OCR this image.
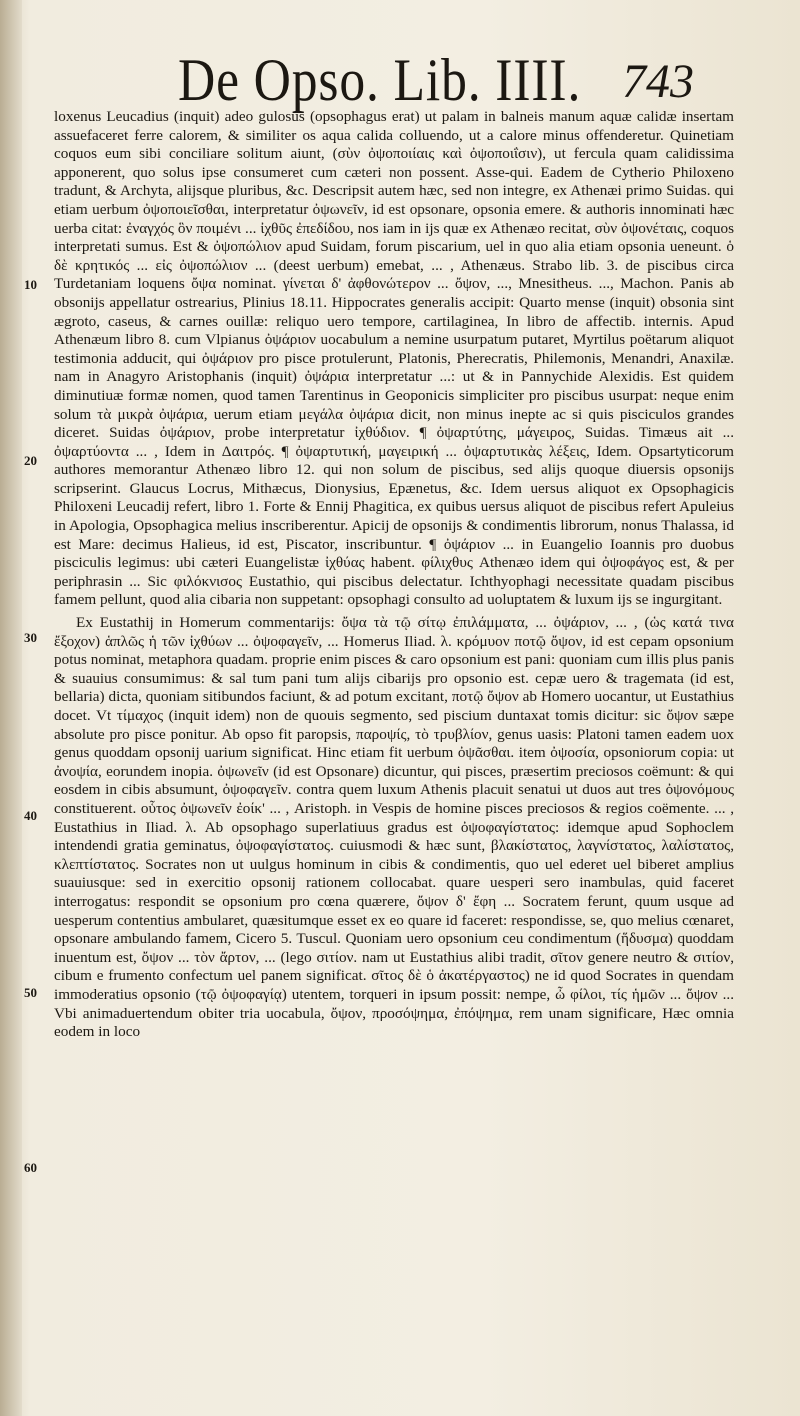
De Opso. Lib. IIII. 743
10
20
30
40
50
60

loxenus Leucadius (inquit) adeo gulosus (opsophagus erat) ut palam in balneis manum aquæ calidæ insertam assuefaceret ferre calorem, & similiter os aqua calida colluendo, ut a calore minus offenderetur. Quinetiam coquos eum sibi conciliare solitum aiunt, (σὺν ὀψοποιίαις καὶ ὀψοποιΐσιν), ut fercula quam calidissima apponerent, quo solus ipse consumeret cum cæteri non possent. Asse-qui. Eadem de Cytherio Philoxeno tradunt, & Archyta, alijsque pluribus, &c. Descripsit autem hæc, sed non integre, ex Athenæi primo Suidas. qui etiam uerbum ὀψοποιεῖσθαι, interpretatur ὀψωνεῖν, id est opsonare, opsonia emere. & authoris innominati hæc uerba citat: ἐναγχός ὃν ποιμένι ... ἰχθῦς ἐπεδίδου, nos iam in ijs quæ ex Athenæo recitat, σὺν ὀψονέταις, coquos interpretati sumus. Est & ὀψοπώλιον apud Suidam, forum piscarium, uel in quo alia etiam opsonia ueneunt. ὁ δὲ κρητικός ... εἰς ὀψοπώλιον ... (deest uerbum) emebat, ... , Athenæus. Strabo lib. 3. de piscibus circa Turdetaniam loquens ὄψα nominat. γίνεται δ' ἀφθονώτερον ... ὄψον, ..., Mnesitheus. ..., Machon. Panis ab obsonijs appellatur ostrearius, Plinius 18.11. Hippocrates generalis accipit: Quarto mense (inquit) obsonia sint ægroto, caseus, & carnes ouillæ: reliquo uero tempore, cartilaginea, In libro de affectib. internis. Apud Athenæum libro 8. cum Vlpianus ὀψάριον uocabulum a nemine usurpatum putaret, Myrtilus poëtarum aliquot testimonia adducit, qui ὀψάριον pro pisce protulerunt, Platonis, Pherecratis, Philemonis, Menandri, Anaxilæ. nam in Anagyro Aristophanis (inquit) ὀψάρια interpretatur ...: ut & in Pannychide Alexidis. Est quidem diminutiuæ formæ nomen, quod tamen Tarentinus in Geoponicis simpliciter pro piscibus usurpat: neque enim solum τὰ μικρὰ ὀψάρια, uerum etiam μεγάλα ὀψάρια dicit, non minus inepte ac si quis pisciculos grandes diceret. Suidas ὀψάριον, probe interpretatur ἰχθύδιον. ¶ ὀψαρτύτης, μάγειρος, Suidas. Timæus ait ... ὀψαρτύοντα ... , Idem in Δαιτρός. ¶ ὀψαρτυτική, μαγειρική ... ὀψαρτυτικὰς λέξεις, Idem. Opsartyticorum authores memorantur Athenæo libro 12. qui non solum de piscibus, sed alijs quoque diuersis opsonijs scripserint. Glaucus Locrus, Mithæcus, Dionysius, Epænetus, &c. Idem uersus aliquot ex Opsophagicis Philoxeni Leucadij refert, libro 1. Forte & Ennij Phagitica, ex quibus uersus aliquot de piscibus refert Apuleius in Apologia, Opsophagica melius inscriberentur. Apicij de opsonijs & condimentis librorum, nonus Thalassa, id est Mare: decimus Halieus, id est, Piscator, inscribuntur. ¶ ὀψάριον ... in Euangelio Ioannis pro duobus pisciculis legimus: ubi cæteri Euangelistæ ἰχθύας habent. φίλιχθυς Athenæo idem qui ὀψοφάγος est, & per periphrasin ... Sic φιλόκνισος Eustathio, qui piscibus delectatur. Ichthyophagi necessitate quadam piscibus famem pellunt, quod alia cibaria non suppetant: opsophagi consulto ad uoluptatem & luxum ijs se ingurgitant.

Ex Eustathij in Homerum commentarijs: ὄψα τὰ τῷ σίτῳ ἐπιλάμματα, ... ὀψάριον, ... , (ὡς κατά τινα ἔξοχον) ἁπλῶς ἡ τῶν ἰχθύων ... ὀψοφαγεῖν, ... Homerus Iliad. λ. κρόμυον ποτῷ ὄψον, id est cepam opsonium potus nominat, metaphora quadam. proprie enim pisces & caro opsonium est pani: quoniam cum illis plus panis & suauius consumimus: & sal tum pani tum alijs cibarijs pro opsonio est. cepæ uero & tragemata (id est, bellaria) dicta, quoniam sitibundos faciunt, & ad potum excitant, ποτῷ ὄψον ab Homero uocantur, ut Eustathius docet. Vt τίμαχος (inquit idem) non de quouis segmento, sed piscium duntaxat tomis dicitur: sic ὄψον sæpe absolute pro pisce ponitur. Ab opso fit paropsis, παροψίς, τὸ τρυβλίον, genus uasis: Platoni tamen eadem uox genus quoddam opsonij uarium significat. Hinc etiam fit uerbum ὀψᾶσθαι. item ὀψοσία, opsoniorum copia: ut ἀνοψία, eorundem inopia. ὀψωνεῖν (id est Opsonare) dicuntur, qui pisces, præsertim preciosos coëmunt: & qui eosdem in cibis absumunt, ὀψοφαγεῖν. contra quem luxum Athenis placuit senatui ut duos aut tres ὀψονόμους constituerent. οὗτος ὀψωνεῖν ἐοίκ' ... , Aristoph. in Vespis de homine pisces preciosos & regios coëmente. ... , Eustathius in Iliad. λ. Ab opsophago superlatiuus gradus est ὀψοφαγίστατος: idemque apud Sophoclem intendendi gratia geminatus, ὀψοφαγίστατος. cuiusmodi & hæc sunt, βλακίστατος, λαγνίστατος, λαλίστατος, κλεπτίστατος. Socrates non ut uulgus hominum in cibis & condimentis, quo uel ederet uel biberet amplius suauiusque: sed in exercitio opsonij rationem collocabat. quare uesperi sero inambulas, quid faceret interrogatus: respondit se opsonium pro cœna quærere, ὄψον δ' ἔφη ... Socratem ferunt, quum usque ad uesperum contentius ambularet, quæsitumque esset ex eo quare id faceret: respondisse, se, quo melius cœnaret, opsonare ambulando famem, Cicero 5. Tuscul. Quoniam uero opsonium ceu condimentum (ἥδυσμα) quoddam inuentum est, ὄψον ... τὸν ἄρτον, ... (lego σιτίον. nam ut Eustathius alibi tradit, σῖτον genere neutro & σιτίον, cibum e frumento confectum uel panem significat. σῖτος δὲ ὁ ἀκατέργαστος) ne id quod Socrates in quendam immoderatius opsonio (τῷ ὀψοφαγίᾳ) utentem, torqueri in ipsum possit: nempe, ὦ φίλοι, τίς ἡμῶν ... ὄψον ... Vbi animaduertendum obiter tria uocabula, ὄψον, προσόψημα, ἐπόψημα, rem unam significare, Hæc omnia eodem in loco
